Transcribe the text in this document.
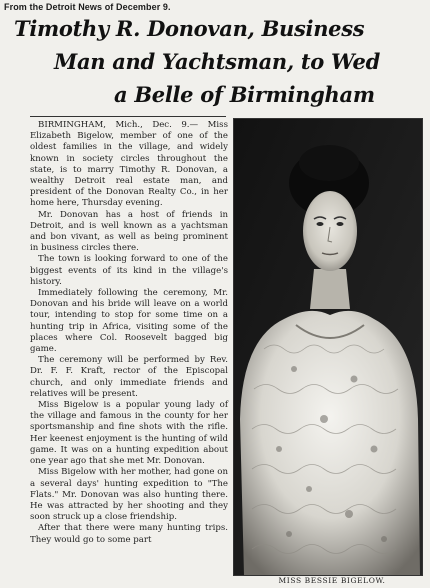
From the Detroit News of December 9.
Timothy R. Donovan, Business
Man and Yachtsman, to Wed
a Belle of Birmingham

BIRMINGHAM, Mich., Dec. 9.— Miss Elizabeth Bigelow, member of one of the oldest families in the village, and widely known in society circles throughout the state, is to marry Timothy R. Donovan, a wealthy Detroit real estate man, and president of the Donovan Realty Co., in her home here, Thursday evening.

Mr. Donovan has a host of friends in Detroit, and is well known as a yachtsman and bon vivant, as well as being prominent in business circles there.

The town is looking forward to one of the biggest events of its kind in the village's history.

Immediately following the ceremony, Mr. Donovan and his bride will leave on a world tour, intending to stop for some time on a hunting trip in Africa, visiting some of the places where Col. Roosevelt bagged big game.

The ceremony will be performed by Rev. Dr. F. F. Kraft, rector of the Episcopal church, and only immediate friends and relatives will be present.

Miss Bigelow is a popular young lady of the village and famous in the county for her sportsmanship and fine shots with the rifle. Her keenest enjoyment is the hunting of wild game. It was on a hunting expedition about one year ago that she met Mr. Donovan.

Miss Bigelow with her mother, had gone on a several days' hunting expedition to "The Flats." Mr. Donovan was also hunting there. He was attracted by her shooting and they soon struck up a close friendship.

After that there were many hunting trips. They would go to some part

MISS BESSIE BIGELOW.
